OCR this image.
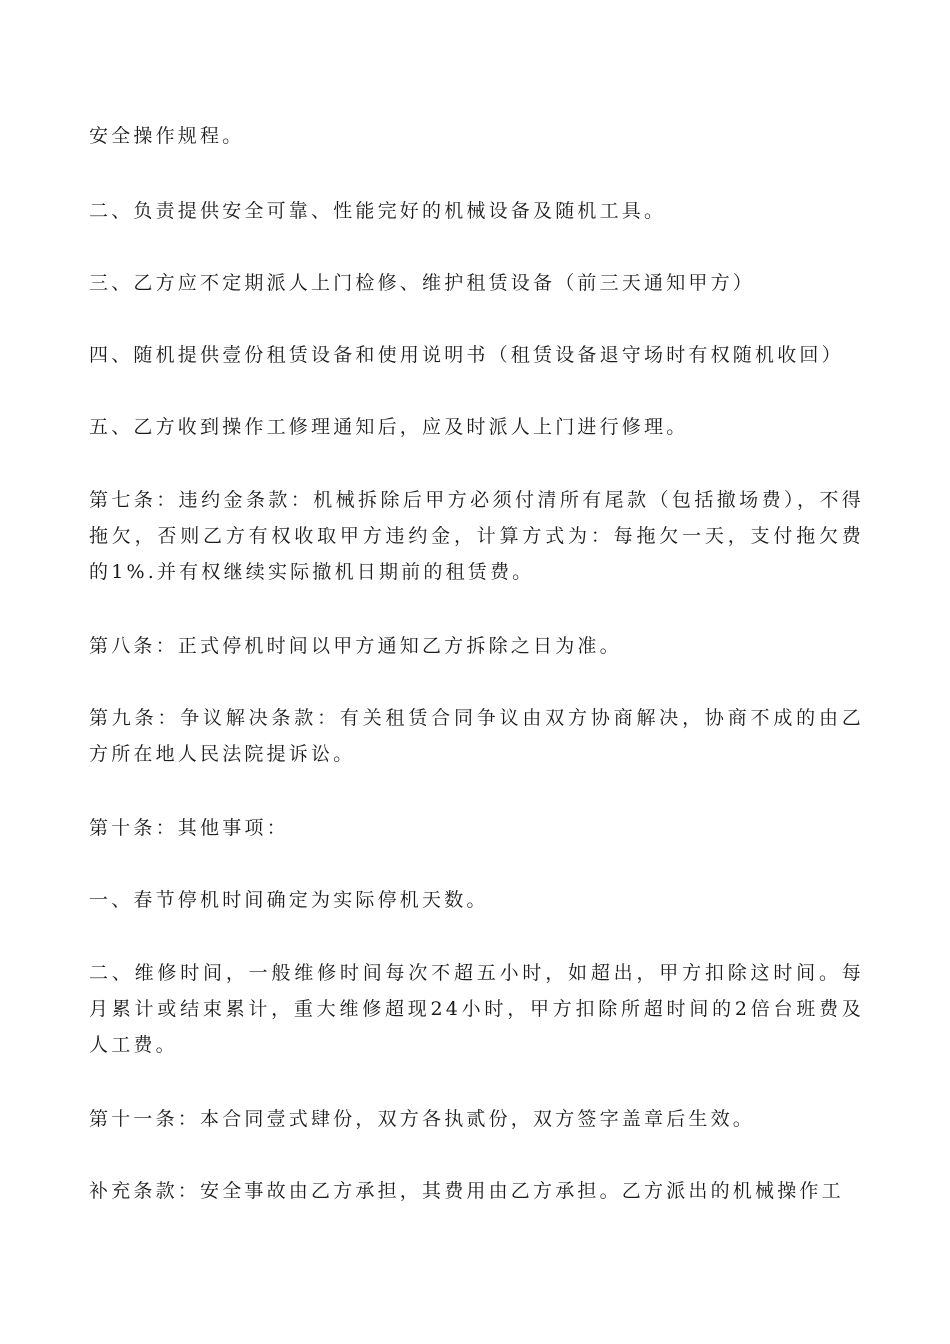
安全操作规程。

二、负责提供安全可靠、性能完好的机械设备及随机工具。

三、乙方应不定期派人上门检修、维护租赁设备（前三天通知甲方）

四、随机提供壹份租赁设备和使用说明书（租赁设备退守场时有权随机收回）

五、乙方收到操作工修理通知后，应及时派人上门进行修理。

第七条：违约金条款：机械拆除后甲方必须付清所有尾款（包括撤场费），不得拖欠，否则乙方有权收取甲方违约金，计算方式为：每拖欠一天，支付拖欠费的1%.并有权继续实际撤机日期前的租赁费。

第八条：正式停机时间以甲方通知乙方拆除之日为准。

第九条：争议解决条款：有关租赁合同争议由双方协商解决，协商不成的由乙方所在地人民法院提诉讼。

第十条：其他事项：

一、春节停机时间确定为实际停机天数。

二、维修时间，一般维修时间每次不超五小时，如超出，甲方扣除这时间。每月累计或结束累计，重大维修超现24小时，甲方扣除所超时间的2倍台班费及人工费。

第十一条：本合同壹式肆份，双方各执贰份，双方签字盖章后生效。

补充条款：安全事故由乙方承担，其费用由乙方承担。乙方派出的机械操作工
